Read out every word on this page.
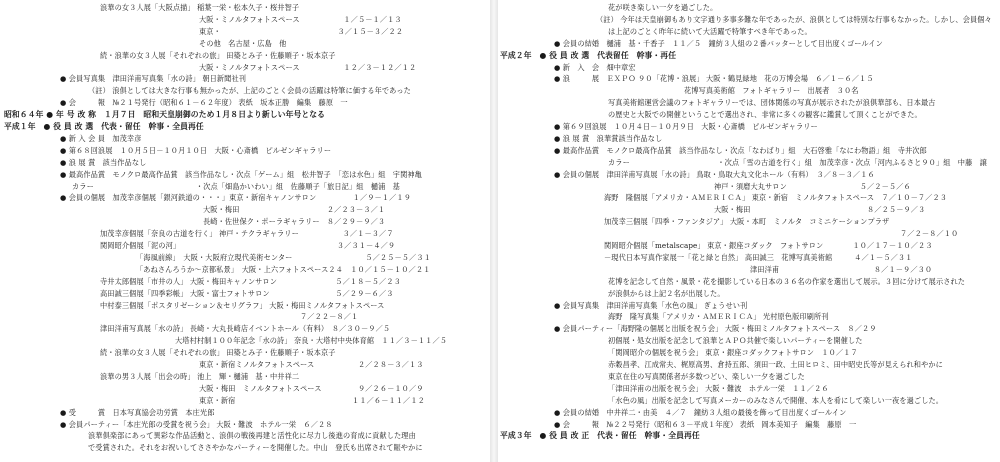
浪華の女３人展「大阪点描」 稲葉一栄・松本久子・桜井智子
大阪・ミノルタフォトスペース　　　　　　１／５－１／１３
東京・　　　　　　　　　　　　　　　　３／１５－３／２２
その他　名古屋・広島　他
続・浪華の女３人展「それぞれの旅」 田築とみ子・佐藤順子・坂本京子
大阪・ミノルタフォトスペース　　　　　　１２／３－１２／１２
● 会員写真集　津田洋甫写真集「水の詩」 朝日新聞社刊
（註） 浪俱としては大きな行事も無かったが、上記のごとく会員の活躍は特筆に価する年であった
● 会　　　報　№２１号発行（昭和６１－６２年度） 表紙　坂本正勝　編集　藤原　一
昭和６４年 ● 年 号 改 称　１月７日　昭和天皇崩御のため１月８日より新しい年号となる
平成１年　● 役 員 改 選　代表・留任　幹事・全員再任
● 新 入 会 員　加茂幸彦
● 第６８回浪展　１０月５日－１０月１０日　大阪・心斎橋　ピルゼンギャラリー
● 浪 展 賞　該当作品なし
● 最高作品賞　モノクロ最高作品賞　該当作品なし・次点「ゲーム」組　松井智子　「恋は水色」組　宇関神亀
カラー　　　　　　　　　　　　　　・次点「畑島かいわい」組　佐藤順子「旅日記」組　樋浦　基
● 会員の個展　加茂幸彦個展「銀河鉄道の・・・」東京・新宿キャノンサロン　　　　　１／９－１／１９
大阪・梅田　　　　　　　　　　　　２／２３－３／１
長崎・佐世保ク・ポーラギャラリー　８／２９－９／３
加茂幸彦個展「奈良の古道を行く」 神戸・テクラギャラリー　　　　　　３／１－３／７
関岡昭介個展「泥の河」　　　　　　　　　　　　　　　　　　　　　　３／３１－４／９
「海風前線」　大阪・大阪府立現代美術センター　　　　　　　　　　５／２５－５／３１
「あねさんろうか～京都私景」　大阪・上六フォトスペース２４　１０／１５－１０／２１
寺井太郎個展「市井の人」 大阪・梅田キャノンサロン　　　　　　　　５／１８－５／２３
高田誠三個展「四季彩帳」 大阪・富士フォトサロン　　　　　　　　　５／２９－６／３
中村泰三個展「ポスタリゼーション＆セリグラフ」 大阪・梅田ミノルタフォトスペース
７／２２－８／１
津田洋甫写真展「水の詩」 長崎・大丸長崎店イベントホール（有料）　８／３０－９／５
大塔村村制１００年記念「水の詩」 奈良・大塔村中央体育館　１１／３－１１／５
続・浪華の女３人展「それぞれの旅」 田築とみ子・佐藤順子・坂本京子
東京・新宿ミノルタフォトスペース　　　　　　２／２８－３／１３
浪華の男３人展「出会の時」 池上　輝・樋浦　基・中井祥二
大阪・梅田　ミノルタフォトスペース　　　　　９／２６－１０／９
東京・新宿　　　　　　　　　　　　　　　　１１／６－１１／１２
● 受　　　賞　日本写真協会功労賞　本庄光郎
● 会員パーティー「本庄光郎の受賞を祝う会」 大阪・難波　ホテル一栄　６／２８
浪華俱楽部にあって異彩な作品活動と、浪俱の戦後再建と活性化に尽力し後進の育成に貢献した理由
で受賞された。それをお祝いしてささやかなパーティーを開催した。中山　登氏も出席されて賑やかに
花が咲き楽しい一夕を過ごした。
（註） 今年は天皇崩御もあり文字通り多事多難な年であったが、浪俱としては特別な行事もなかった。しかし、会員個々
は上記のごとく昨年に続いて大活躍で特筆すべき年であった。
● 会員の結婚　樋浦　基・千香子　１１／５　鐘紡３人組の２番バッターとして目出度くゴールイン
平成２年　● 役 員 改 選　代表留任　幹事・再任
● 新　入　会　畑中章宏
● 浪　　　展　ＥＸＰＯ ９０「花博・浪展」 大阪・鶴見緑地　花の万博会場　６／１－６／１５
花博写真美術館　フォトギャラリー　出展者　３０名
写真美術館運営会議のフォトギャラリーでは、団体関係の写真が展示されたが浪俱華部も、日本最古
の歴史と大阪での開催ということで選出され、非常に多くの観客に鑑賞して頂くことができた。
● 第６９回浪展　１０月４日－１０月９日　大阪・心斎橋　ピルゼンギャラリー
● 浪 展 賞　浪華賞該当作品なし
● 最高作品賞　モノクロ最高作品賞　該当作品なし・次点「なわばり」組　大石啓雅「なにわ物語」組　寺井次郎
カラー　　　　　　　　　　　　・次点「雪の古道を行く」組　加茂幸彦・次点「河内ふるさと９０」組　中藤　譲
● 会員の個展　津田洋甫写真展「水の詩」 鳥取・鳥取大丸文化ホール（有料）　３／８－３／１６
神戸・須磨大丸サロン　　　　　　　　　　５／２－５／６
海野　隆個展「アメリカ・ＡＭＥＲＩＣＡ」 東京・新宿　ミノルタフォトスペース　７／１０－７／２３
大阪・梅田　　　　　　　　　　　　　　　　８／２５－９／３
加茂幸三個展「四季・ファンタジア」 大阪・本町　ミノルタ　コミニケーションプラザ
７／２－８／１０
関岡昭介個展「metalscape」 東京・銀座コダック　フォトサロン　　　　１０／１７－１０／２３
－現代日本写真作家展一「花と緑と自然」 高田誠三　花博写真美術館　　　４／１－５／３１
津田洋甫　　　　　　　　　　　　　８／１－９／３０
花博を記念して自然・風景・花を撮影している日本の３６名の作家を選出して展示。３回に分けて展示された
が浪俱からは上記２名が出展した。
● 会員写真集　津田洋甫写真集「水色の風」 ぎょうせい刊
海野　隆写真集「アメリカ・ＡＭＥＲＩＣＡ」 光村原色版印刷所刊
● 会員パーティー「海野隆の個展と出版を祝う会」 大阪・梅田ミノルタフォトスペース　８／２９
初個展・処女出版を記念して浪華とＡＰＯ共催で楽しいパーティーを開催した
「関岡昭介の個展を祝う会」 東京・銀座コダックフォトサロン　１０／１７
赤穀昌孝、江成常夫、梶原高男、倉持五郎、須田一政、土田ヒロミ、田中昭史氏等が見えられ和やかに
東京在住の写真関係者が多数つどい、楽しい一夕を過ごした
「津田洋甫の出版を祝う会」 大阪・難波　ホテル一栄　１１／２６
「水色の風」出版を記念して写真メーカーのみなさんで開催、本人を肴にして楽しい一夜を過ごした。
● 会員の結婚　中井祥二・由美　４／７　鐘紡３人組の最後を飾って目出度くゴールイン
● 会　　　報　№２２号発行（昭和６３－平成１年度） 表紙　岡本美知子　編集　藤原　一
平成３年　● 役 員 改 正　代表・留任　幹事・全員再任
